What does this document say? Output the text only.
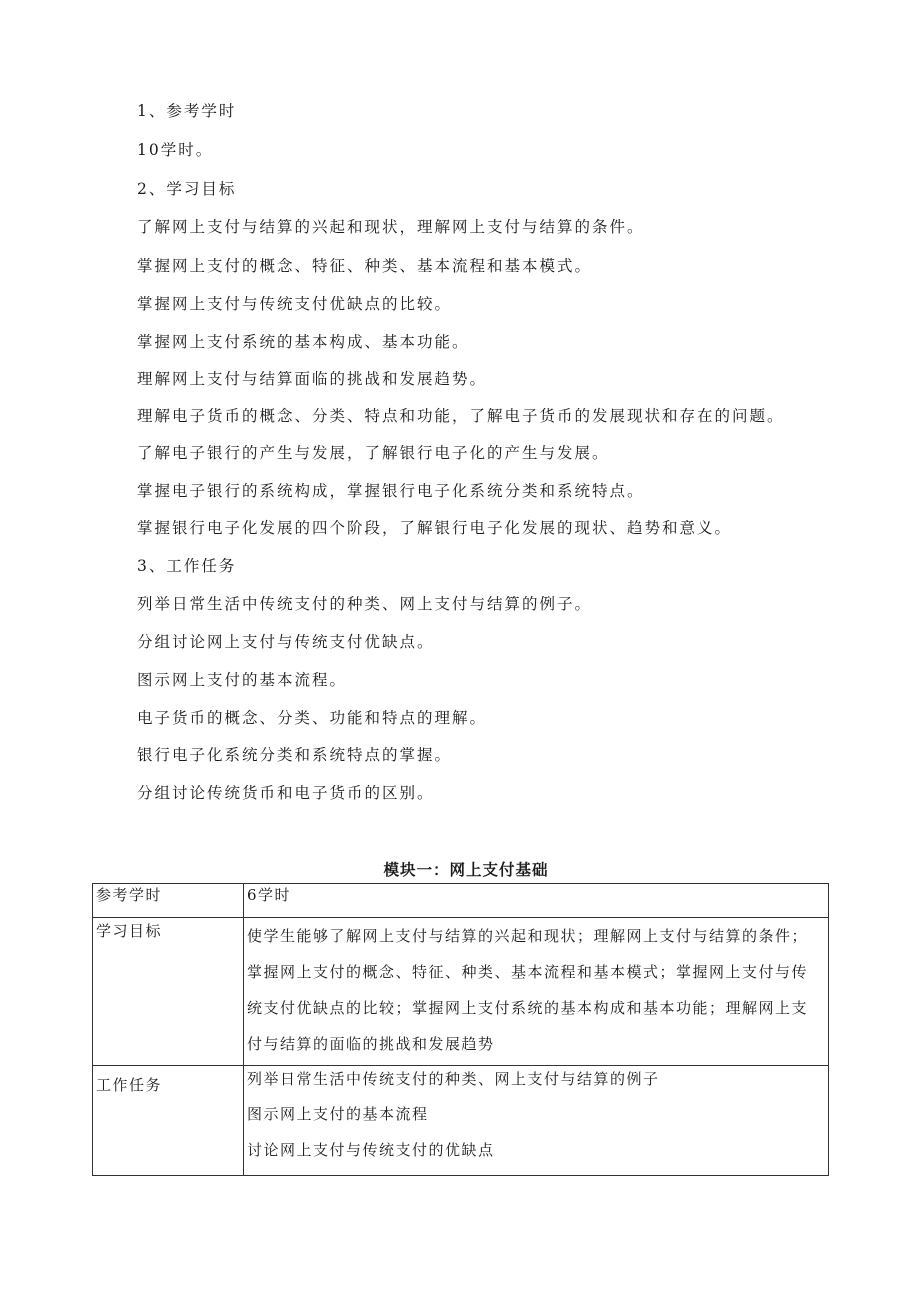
1、参考学时
10学时。
2、学习目标
了解网上支付与结算的兴起和现状，理解网上支付与结算的条件。
掌握网上支付的概念、特征、种类、基本流程和基本模式。
掌握网上支付与传统支付优缺点的比较。
掌握网上支付系统的基本构成、基本功能。
理解网上支付与结算面临的挑战和发展趋势。
理解电子货币的概念、分类、特点和功能，了解电子货币的发展现状和存在的问题。
了解电子银行的产生与发展，了解银行电子化的产生与发展。
掌握电子银行的系统构成，掌握银行电子化系统分类和系统特点。
掌握银行电子化发展的四个阶段，了解银行电子化发展的现状、趋势和意义。
3、工作任务
列举日常生活中传统支付的种类、网上支付与结算的例子。
分组讨论网上支付与传统支付优缺点。
图示网上支付的基本流程。
电子货币的概念、分类、功能和特点的理解。
银行电子化系统分类和系统特点的掌握。
分组讨论传统货币和电子货币的区别。
模块一：网上支付基础
参考学时	6学时

学习目标	使学生能够了解网上支付与结算的兴起和现状；理解网上支付与结算的条件；
掌握网上支付的概念、特征、种类、基本流程和基本模式；掌握网上支付与传
统支付优缺点的比较；掌握网上支付系统的基本构成和基本功能；理解网上支
付与结算的面临的挑战和发展趋势

工作任务	列举日常生活中传统支付的种类、网上支付与结算的例子
图示网上支付的基本流程
讨论网上支付与传统支付的优缺点
